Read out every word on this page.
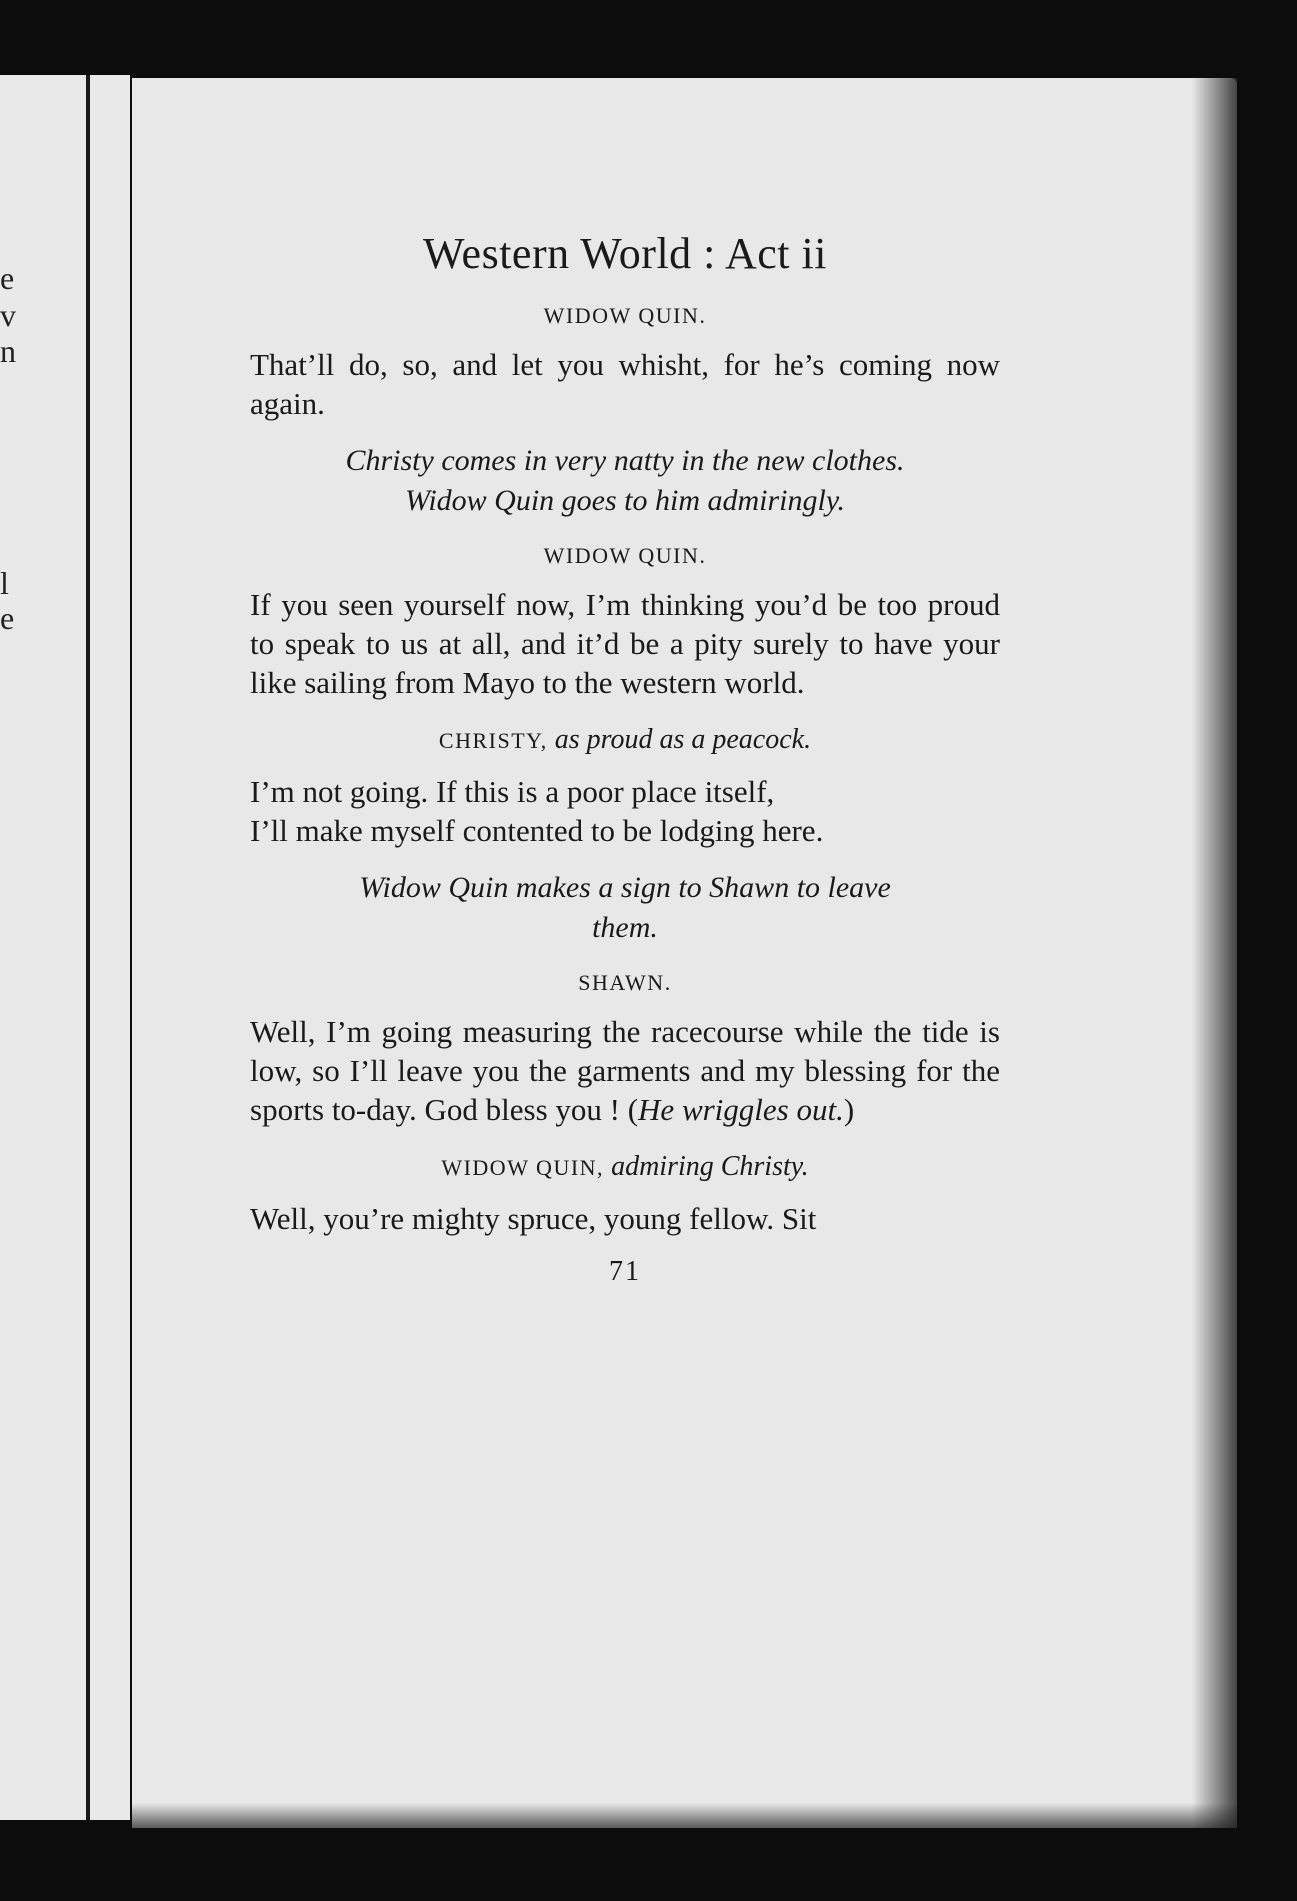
e
v
n
l
e
Western World : Act ii
WIDOW QUIN.

That’ll do, so, and let you whisht, for he’s coming now again.

Christy comes in very natty in the new clothes.
Widow Quin goes to him admiringly.
WIDOW QUIN.

If you seen yourself now, I’m thinking you’d be too proud to speak to us at all, and it’d be a pity surely to have your like sailing from Mayo to the western world.

CHRISTY, as proud as a peacock.

I’m not going. If this is a poor place itself,
I’ll make myself contented to be lodging here.

Widow Quin makes a sign to Shawn to leave
them.
SHAWN.

Well, I’m going measuring the racecourse while the tide is low, so I’ll leave you the garments and my blessing for the sports to-day. God bless you ! (He wriggles out.)

WIDOW QUIN, admiring Christy.

Well, you’re mighty spruce, young fellow. Sit

71
